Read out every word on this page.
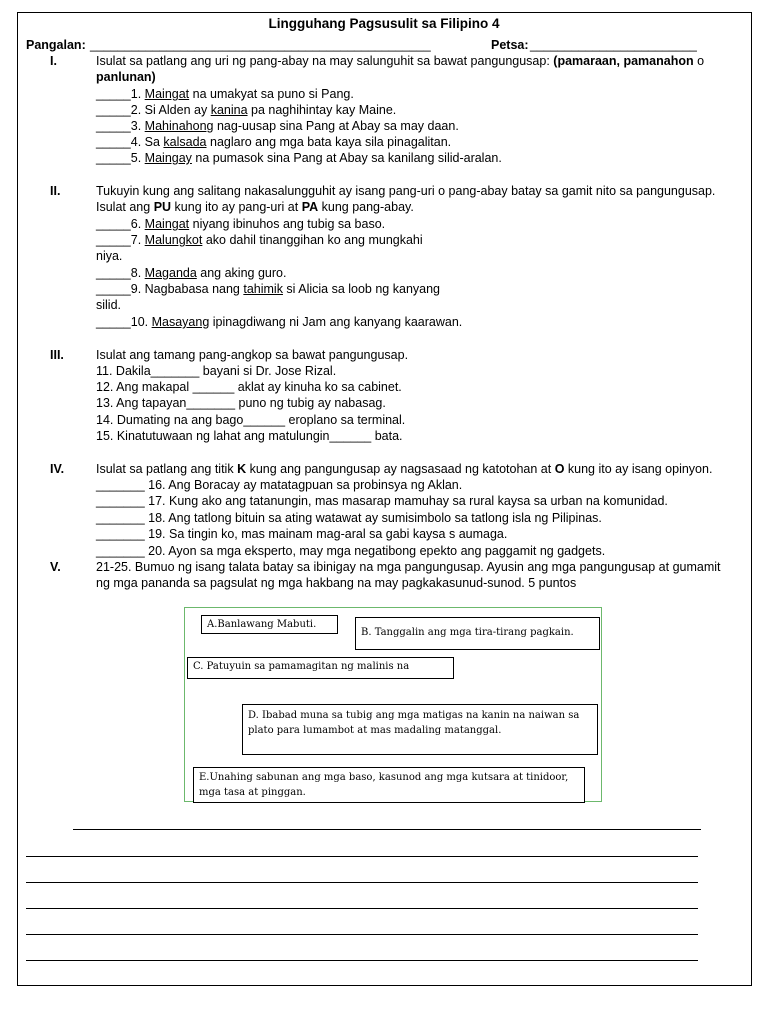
Lingguhang Pagsusulit sa Filipino 4
Pangalan: _________________________________________________	Petsa: ________________________
I.	Isulat sa patlang ang uri ng pang-abay na may salunguhit sa bawat pangungusap: (pamaraan, pamanahon o
panlunan)
_____1. Maingat na umakyat sa puno si Pang.
_____2. Si Alden ay kanina pa naghihintay kay Maine.
_____3. Mahinahong nag-uusap sina Pang at Abay sa may daan.
_____4. Sa kalsada naglaro ang mga bata kaya sila pinagalitan.
_____5. Maingay na pumasok sina Pang at Abay sa kanilang silid-aralan.
II.	Tukuyin kung ang salitang nakasalungguhit ay isang pang-uri o pang-abay batay sa gamit nito sa pangungusap.
Isulat ang PU kung ito ay pang-uri at PA kung pang-abay.
_____6. Maingat niyang ibinuhos ang tubig sa baso.
_____7. Malungkot ako dahil tinanggihan ko ang mungkahi
niya.
_____8. Maganda ang aking guro.
_____9. Nagbabasa nang tahimik si Alicia sa loob ng kanyang
silid.
_____10. Masayang ipinagdiwang ni Jam ang kanyang kaarawan.
III.	Isulat ang tamang pang-angkop sa bawat pangungusap.
11. Dakila_______ bayani si Dr. Jose Rizal.
12. Ang makapal ______ aklat ay kinuha ko sa cabinet.
13. Ang tapayan_______ puno ng tubig ay nabasag.
14. Dumating na ang bago______ eroplano sa terminal.
15. Kinatutuwaan ng lahat ang matulungin______ bata.
IV.	Isulat sa patlang ang titik K kung ang pangungusap ay nagsasaad ng katotohan at O kung ito ay isang opinyon.
_______ 16. Ang Boracay ay matatagpuan sa probinsya ng Aklan.
_______ 17. Kung ako ang tatanungin, mas masarap mamuhay sa rural kaysa sa urban na komunidad.
_______ 18. Ang tatlong bituin sa ating watawat ay sumisimbolo sa tatlong isla ng Pilipinas.
_______ 19. Sa tingin ko, mas mainam mag-aral sa gabi kaysa s aumaga.
_______ 20. Ayon sa mga eksperto, may mga negatibong epekto ang paggamit ng gadgets.
V.	21-25. Bumuo ng isang talata batay sa ibinigay na mga pangungusap. Ayusin ang mga pangungusap at gumamit
ng mga pananda sa pagsulat ng mga hakbang na may pagkakasunud-sunod. 5 puntos
A.Banlawang Mabuti.
B. Tanggalin ang mga tira-tirang pagkain.
C. Patuyuin sa pamamagitan ng malinis na
D. Ibabad muna sa tubig ang mga matigas na kanin na naiwan sa plato para lumambot at mas madaling matanggal.
E.Unahing sabunan ang mga baso, kasunod ang mga kutsara at tinidoor, mga tasa at pinggan.
